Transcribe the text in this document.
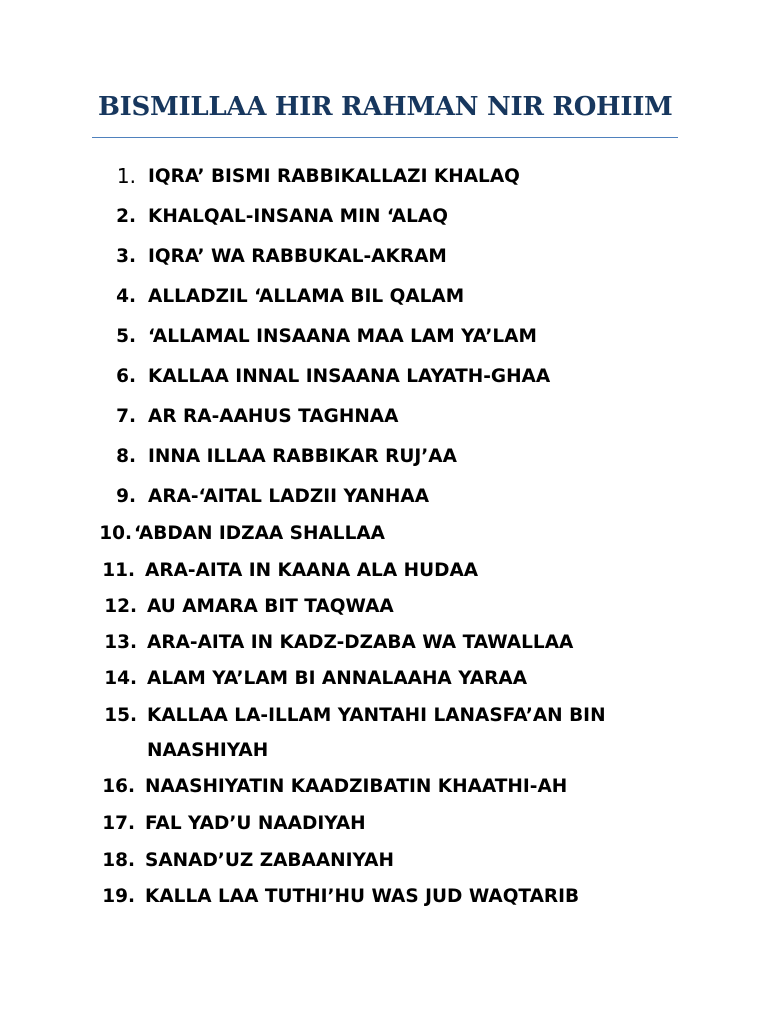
BISMILLAA HIR RAHMAN NIR ROHIIM
1. IQRA’ BISMI RABBIKALLAZI KHALAQ
2. KHALQAL-INSANA MIN ‘ALAQ
3. IQRA’ WA RABBUKAL-AKRAM
4. ALLADZIL ‘ALLAMA BIL QALAM
5. ‘ALLAMAL INSAANA MAA LAM YA’LAM
6. KALLAA INNAL INSAANA LAYATH-GHAA
7. AR RA-AAHUS TAGHNAA
8. INNA ILLAA RABBIKAR RUJ’AA
9. ARA-‘AITAL LADZII YANHAA
10. ‘ABDAN IDZAA SHALLAA
11. ARA-AITA IN KAANA ALA HUDAA
12. AU AMARA BIT TAQWAA
13. ARA-AITA IN KADZ-DZABA WA TAWALLAA
14. ALAM YA’LAM BI ANNALAAHA YARAA
15. KALLAA LA-ILLAM YANTAHI LANASFA’AN BIN
NAASHIYAH
16. NAASHIYATIN KAADZIBATIN KHAATHI-AH
17. FAL YAD’U NAADIYAH
18. SANAD’UZ ZABAANIYAH
19. KALLA LAA TUTHI’HU WAS JUD WAQTARIB
